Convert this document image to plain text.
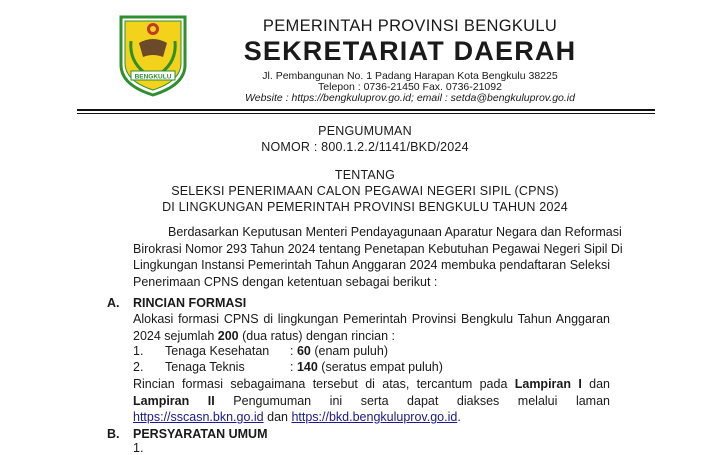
BENGKULU
PEMERINTAH PROVINSI BENGKULU
SEKRETARIAT DAERAH
Jl. Pembangunan No. 1 Padang Harapan Kota Bengkulu 38225
Telepon : 0736-21450 Fax. 0736-21092
Website : https://bengkuluprov.go.id; email : setda@bengkuluprov.go.id
PENGUMUMAN
NOMOR : 800.1.2.2/1141/BKD/2024
TENTANG
SELEKSI PENERIMAAN CALON PEGAWAI NEGERI SIPIL (CPNS)
DI LINGKUNGAN PEMERINTAH PROVINSI BENGKULU TAHUN 2024
Berdasarkan Keputusan Menteri Pendayagunaan Aparatur Negara dan Reformasi
Birokrasi Nomor 293 Tahun 2024 tentang Penetapan Kebutuhan Pegawai Negeri Sipil Di
Lingkungan Instansi Pemerintah Tahun Anggaran 2024 membuka pendaftaran Seleksi
Penerimaan CPNS dengan ketentuan sebagai berikut :
A. RINCIAN FORMASI
Alokasi formasi CPNS di lingkungan Pemerintah Provinsi Bengkulu Tahun Anggaran
2024 sejumlah 200 (dua ratus) dengan rincian :
1. Tenaga Kesehatan : 60 (enam puluh)
2. Tenaga Teknis	: 140 (seratus empat puluh)
Rincian formasi sebagaimana tersebut di atas, tercantum pada Lampiran I dan
Lampiran II Pengumuman ini serta dapat diakses melalui laman
https://sscasn.bkn.go.id dan https://bkd.bengkuluprov.go.id.
B. PERSYARATAN UMUM
1.
